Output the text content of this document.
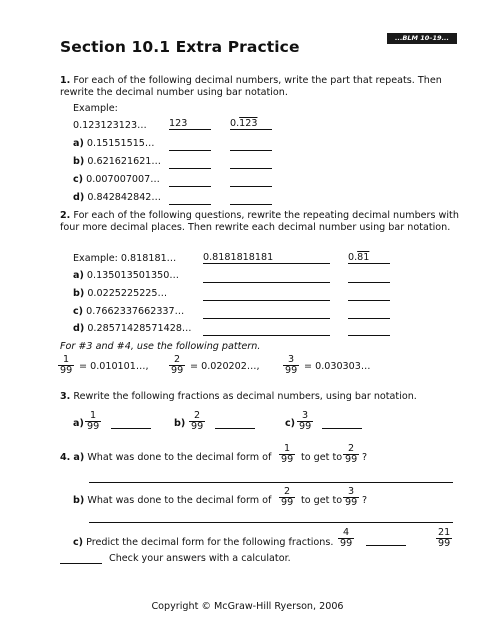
...BLM 10–19...
Section 10.1 Extra Practice
1. For each of the following decimal numbers, write the part that repeats. Then rewrite the decimal number using bar notation.
Example:
0.123123123… 123	0.123
a) 0.15151515…
b) 0.621621621…
c) 0.007007007…
d) 0.842842842…
2. For each of the following questions, rewrite the repeating decimal numbers with four more decimal places. Then rewrite each decimal number using bar notation.
Example: 0.818181…	0.8181818181	0.81
a) 0.135013501350…
b) 0.0225225225…
c) 0.7662337662337…
d) 0.28571428571428…
For #3 and #4, use the following pattern.
1
99 = 0.010101…,
2
99 = 0.020202…,
3
99 = 0.030303…
3. Rewrite the following fractions as decimal numbers, using bar notation.
a)
1
99	b)
2
99	c)
3
99
4. a) What was done to the decimal form of
1
99 to get to
2
99 ?
b) What was done to the decimal form of
2
99 to get to
3
99 ?
c) Predict the decimal form for the following fractions.
4
99
21
99
Check your answers with a calculator.
Copyright © McGraw-Hill Ryerson, 2006
